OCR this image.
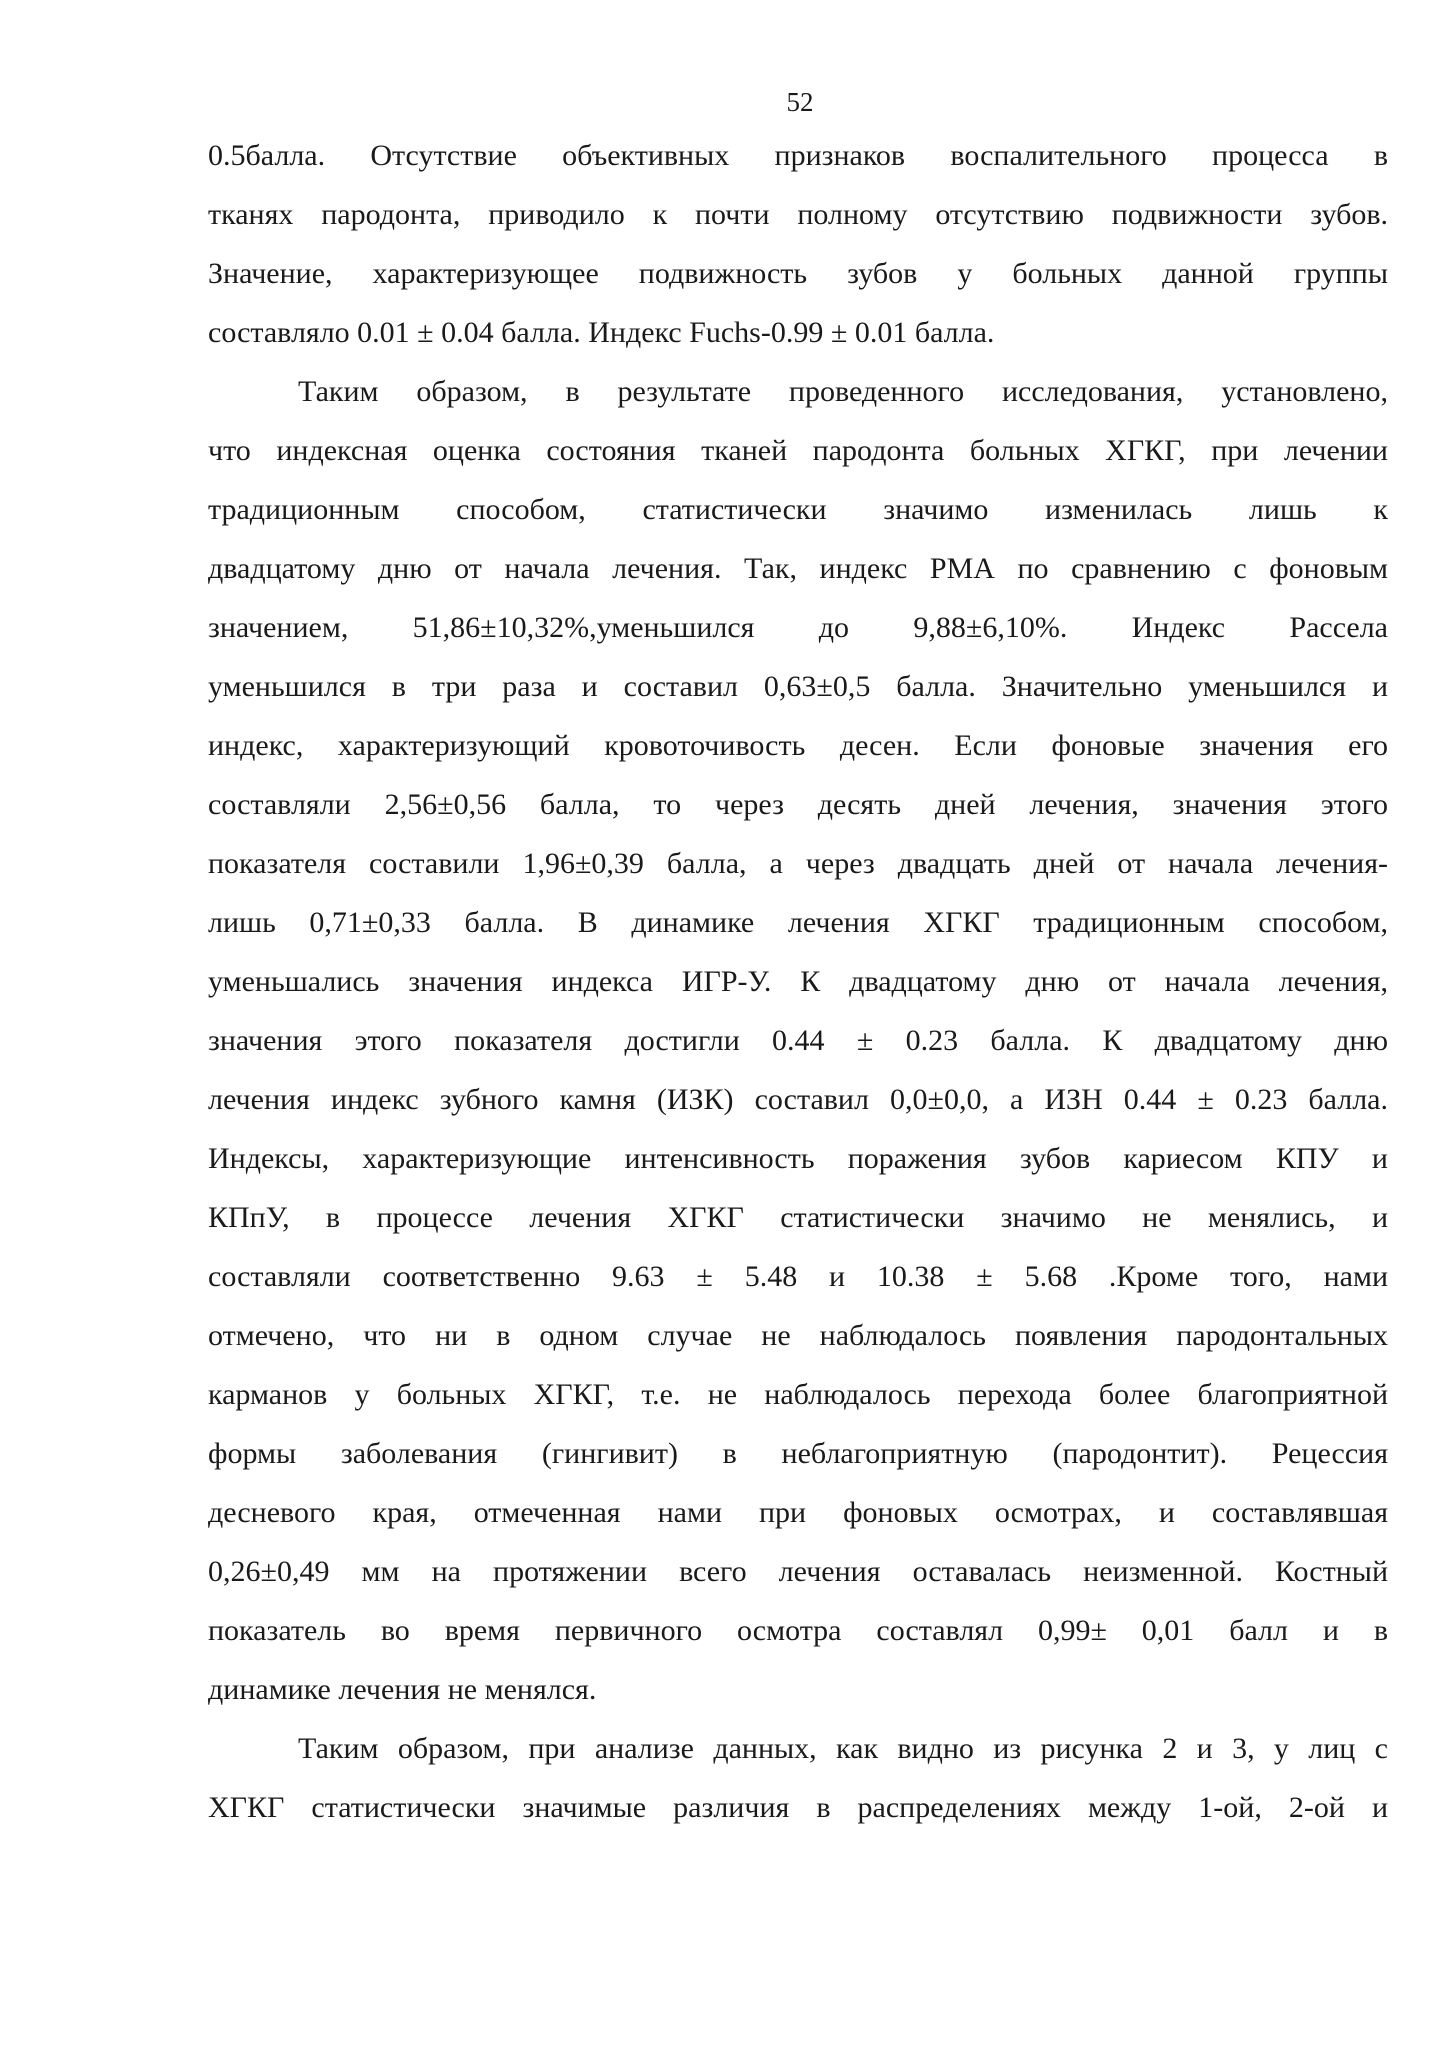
52
0.5балла. Отсутствие объективных признаков воспалительного процесса в
тканях пародонта, приводило к почти полному отсутствию подвижности зубов.
Значение, характеризующее подвижность зубов у больных данной группы
составляло 0.01 ± 0.04 балла. Индекс Fuchs-0.99 ± 0.01 балла.
Таким образом, в результате проведенного исследования, установлено,
что индексная оценка состояния тканей пародонта больных ХГКГ, при лечении
традиционным способом, статистически значимо изменилась лишь к
двадцатому дню от начала лечения. Так, индекс РМА по сравнению с фоновым
значением, 51,86±10,32%,уменьшился до 9,88±6,10%. Индекс Рассела
уменьшился в три раза и составил 0,63±0,5 балла. Значительно уменьшился и
индекс, характеризующий кровоточивость десен. Если фоновые значения его
составляли 2,56±0,56 балла, то через десять дней лечения, значения этого
показателя составили 1,96±0,39 балла, а через двадцать дней от начала лечения-
лишь 0,71±0,33 балла. В динамике лечения ХГКГ традиционным способом,
уменьшались значения индекса ИГР-У. К двадцатому дню от начала лечения,
значения этого показателя достигли 0.44 ± 0.23 балла. К двадцатому дню
лечения индекс зубного камня (ИЗК) составил 0,0±0,0, а ИЗН 0.44 ± 0.23 балла.
Индексы, характеризующие интенсивность поражения зубов кариесом КПУ и
КПпУ, в процессе лечения ХГКГ статистически значимо не менялись, и
составляли соответственно 9.63 ± 5.48 и 10.38 ± 5.68 .Кроме того, нами
отмечено, что ни в одном случае не наблюдалось появления пародонтальных
карманов у больных ХГКГ, т.е. не наблюдалось перехода более благоприятной
формы заболевания (гингивит) в неблагоприятную (пародонтит). Рецессия
десневого края, отмеченная нами при фоновых осмотрах, и составлявшая
0,26±0,49 мм на протяжении всего лечения оставалась неизменной. Костный
показатель во время первичного осмотра составлял 0,99± 0,01 балл и в
динамике лечения не менялся.
Таким образом, при анализе данных, как видно из рисунка 2 и 3, у лиц с
ХГКГ статистически значимые различия в распределениях между 1-ой, 2-ой и
